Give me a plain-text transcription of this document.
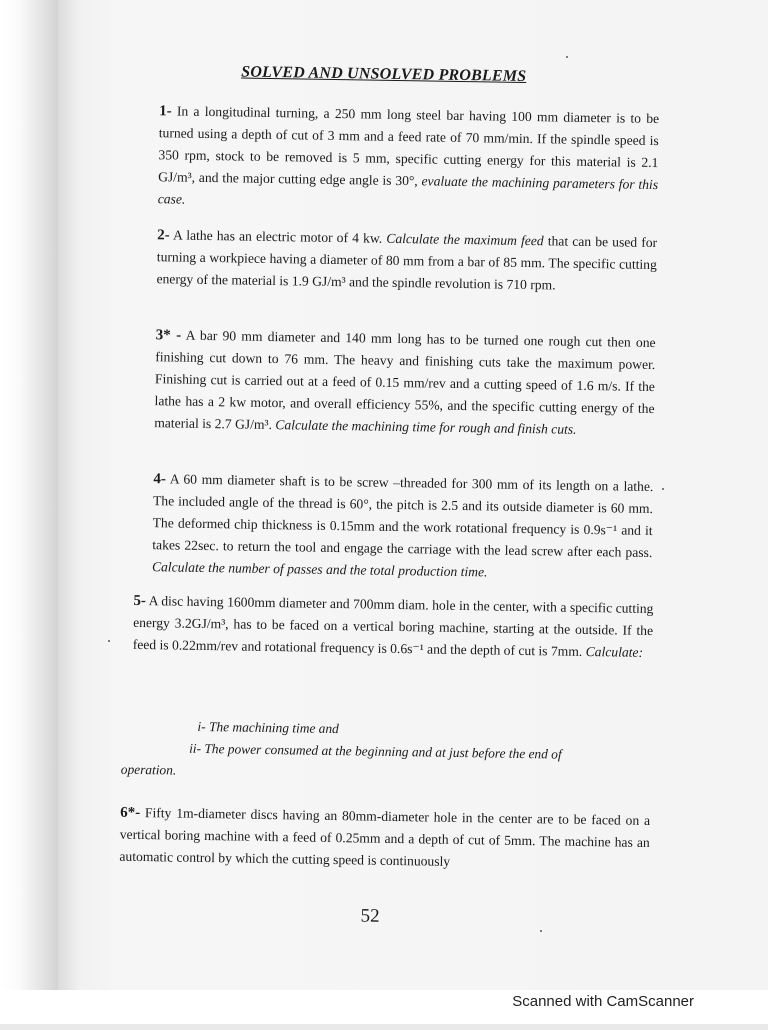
SOLVED AND UNSOLVED PROBLEMS
1- In a longitudinal turning, a 250 mm long steel bar having 100 mm diameter is to be turned using a depth of cut of 3 mm and a feed rate of 70 mm/min. If the spindle speed is 350 rpm, stock to be removed is 5 mm, specific cutting energy for this material is 2.1 GJ/m³, and the major cutting edge angle is 30°, evaluate the machining parameters for this case.
2- A lathe has an electric motor of 4 kw. Calculate the maximum feed that can be used for turning a workpiece having a diameter of 80 mm from a bar of 85 mm. The specific cutting energy of the material is 1.9 GJ/m³ and the spindle revolution is 710 rpm.
3* - A bar 90 mm diameter and 140 mm long has to be turned one rough cut then one finishing cut down to 76 mm. The heavy and finishing cuts take the maximum power. Finishing cut is carried out at a feed of 0.15 mm/rev and a cutting speed of 1.6 m/s. If the lathe has a 2 kw motor, and overall efficiency 55%, and the specific cutting energy of the material is 2.7 GJ/m³. Calculate the machining time for rough and finish cuts.
4- A 60 mm diameter shaft is to be screw –threaded for 300 mm of its length on a lathe. The included angle of the thread is 60°, the pitch is 2.5 and its outside diameter is 60 mm. The deformed chip thickness is 0.15mm and the work rotational frequency is 0.9s⁻¹ and it takes 22sec. to return the tool and engage the carriage with the lead screw after each pass. Calculate the number of passes and the total production time.
5- A disc having 1600mm diameter and 700mm diam. hole in the center, with a specific cutting energy 3.2GJ/m³, has to be faced on a vertical boring machine, starting at the outside. If the feed is 0.22mm/rev and rotational frequency is 0.6s⁻¹ and the depth of cut is 7mm. Calculate:
i- The machining time and
ii- The power consumed at the beginning and at just before the end of
operation.
6*- Fifty 1m-diameter discs having an 80mm-diameter hole in the center are to be faced on a vertical boring machine with a feed of 0.25mm and a depth of cut of 5mm. The machine has an automatic control by which the cutting speed is continuously
52
Scanned with CamScanner
